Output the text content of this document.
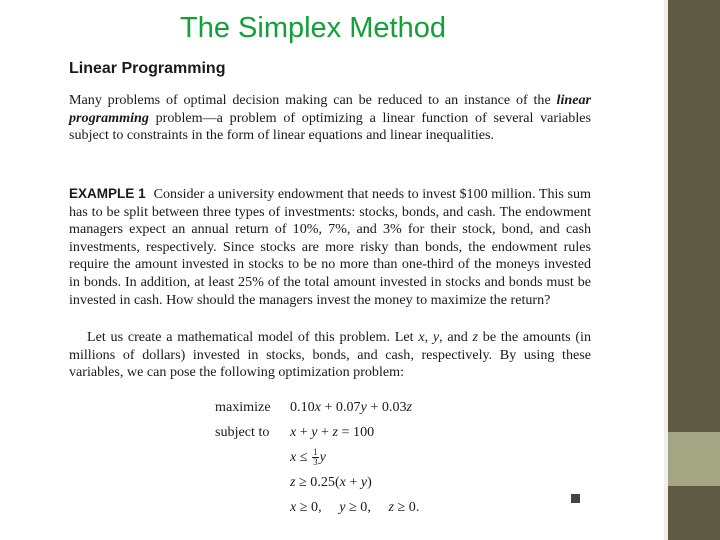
The Simplex Method
Linear Programming
Many problems of optimal decision making can be reduced to an instance of the linear programming problem—a problem of optimizing a linear function of several variables subject to constraints in the form of linear equations and linear inequalities.
EXAMPLE 1 Consider a university endowment that needs to invest $100 million. This sum has to be split between three types of investments: stocks, bonds, and cash. The endowment managers expect an annual return of 10%, 7%, and 3% for their stock, bond, and cash investments, respectively. Since stocks are more risky than bonds, the endowment rules require the amount invested in stocks to be no more than one-third of the moneys invested in bonds. In addition, at least 25% of the total amount invested in stocks and bonds must be invested in cash. How should the managers invest the money to maximize the return?
Let us create a mathematical model of this problem. Let x, y, and z be the amounts (in millions of dollars) invested in stocks, bonds, and cash, respectively. By using these variables, we can pose the following optimization problem:
maximize 0.10x + 0.07y + 0.03z
subject to x + y + z = 100
$x \le \frac{1}{3}$ y
z ≥ 0.25(x + y)
x ≥ 0,     y ≥ 0,     z ≥ 0.
